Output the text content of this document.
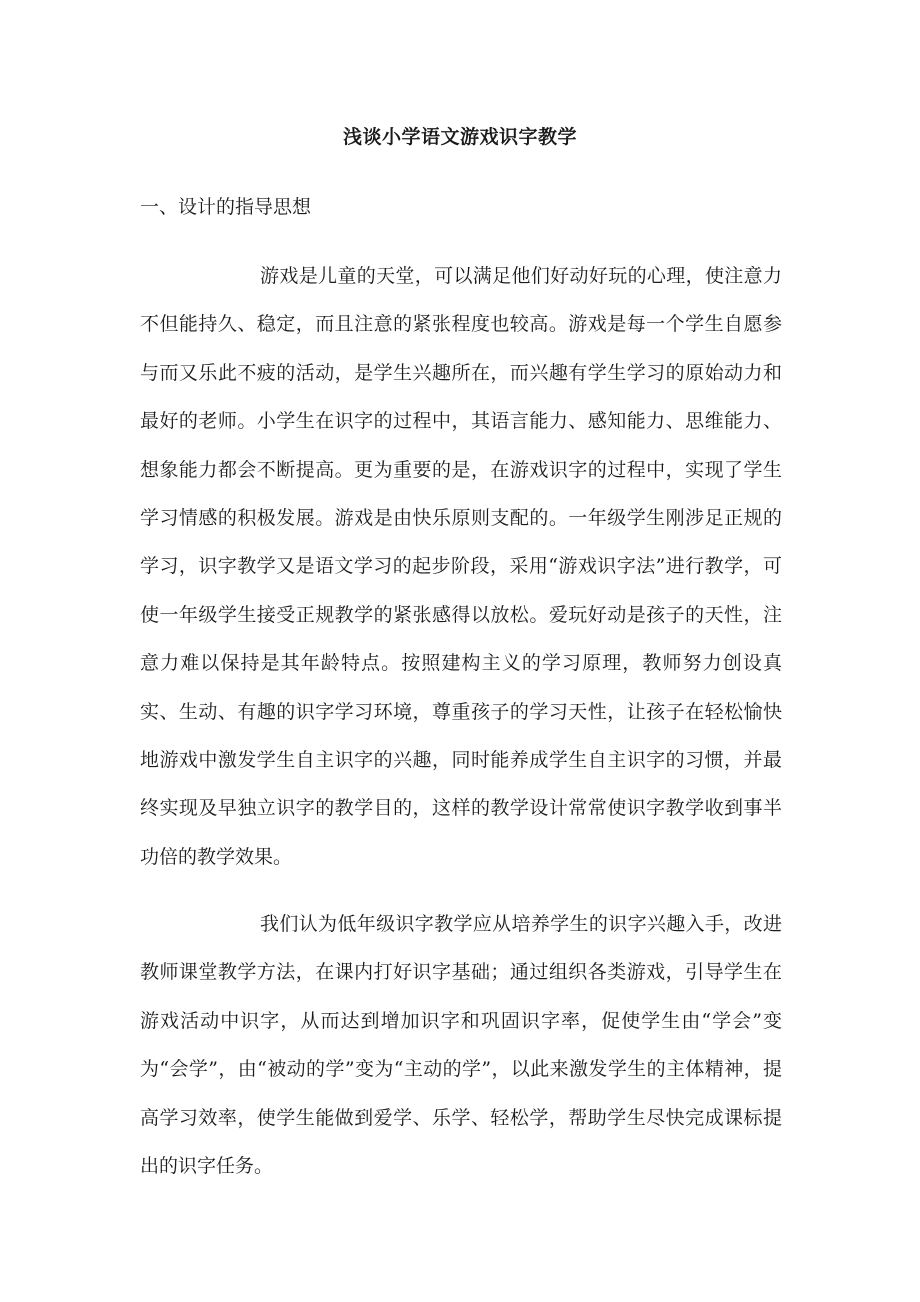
浅谈小学语文游戏识字教学
一、设计的指导思想

游戏是儿童的天堂，可以满足他们好动好玩的心理，使注意力不但能持久、稳定，而且注意的紧张程度也较高。游戏是每一个学生自愿参与而又乐此不疲的活动，是学生兴趣所在，而兴趣有学生学习的原始动力和最好的老师。小学生在识字的过程中，其语言能力、感知能力、思维能力、想象能力都会不断提高。更为重要的是，在游戏识字的过程中，实现了学生学习情感的积极发展。游戏是由快乐原则支配的。一年级学生刚涉足正规的学习，识字教学又是语文学习的起步阶段，采用“游戏识字法”进行教学，可使一年级学生接受正规教学的紧张感得以放松。爱玩好动是孩子的天性，注意力难以保持是其年龄特点。按照建构主义的学习原理，教师努力创设真实、生动、有趣的识字学习环境，尊重孩子的学习天性，让孩子在轻松愉快地游戏中激发学生自主识字的兴趣，同时能养成学生自主识字的习惯，并最终实现及早独立识字的教学目的，这样的教学设计常常使识字教学收到事半功倍的教学效果。

我们认为低年级识字教学应从培养学生的识字兴趣入手，改进教师课堂教学方法，在课内打好识字基础；通过组织各类游戏，引导学生在游戏活动中识字，从而达到增加识字和巩固识字率，促使学生由“学会”变为“会学”，由“被动的学”变为“主动的学”，以此来激发学生的主体精神，提高学习效率，使学生能做到爱学、乐学、轻松学，帮助学生尽快完成课标提出的识字任务。
